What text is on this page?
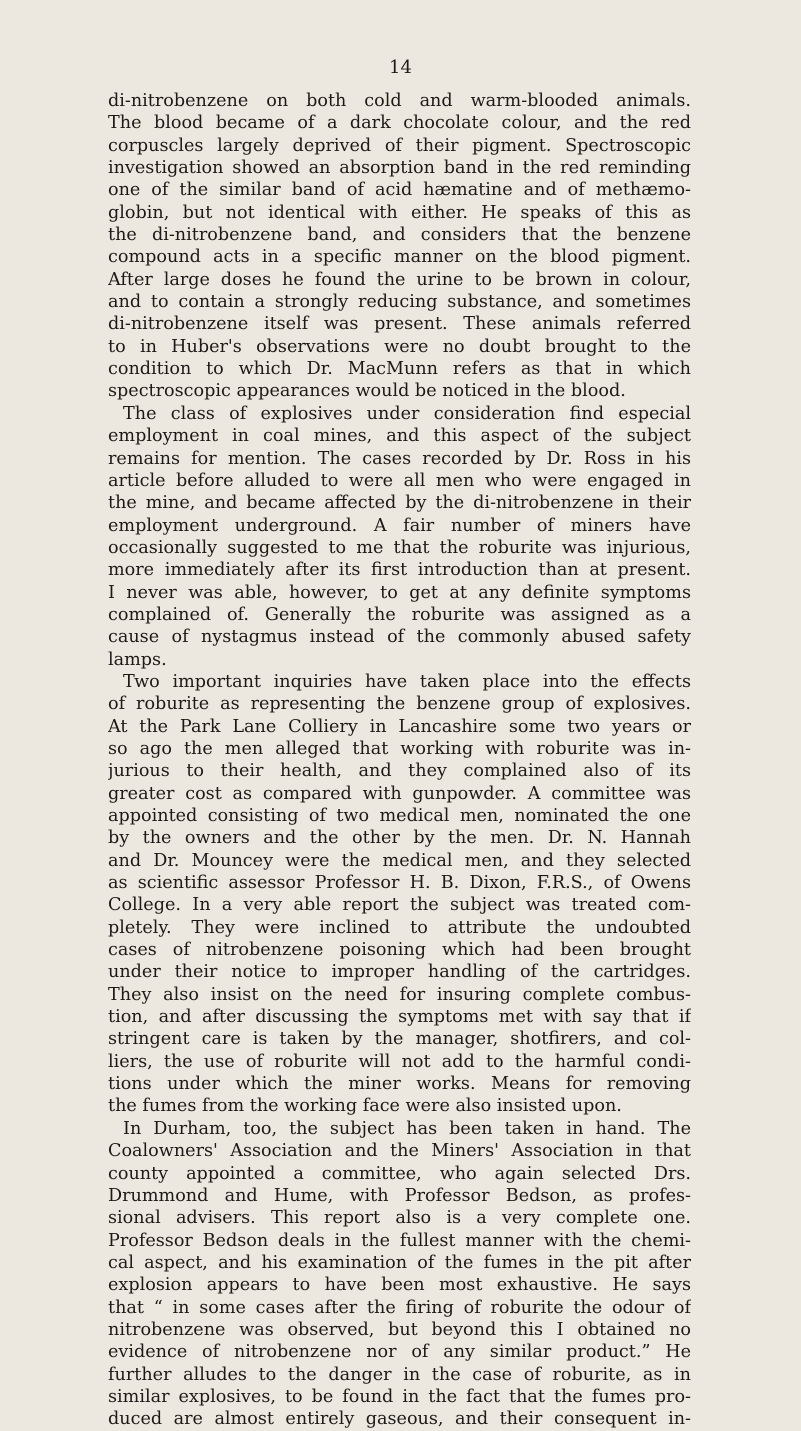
14
di-nitrobenzene on both cold and warm-blooded animals.
The blood became of a dark chocolate colour, and the red
corpuscles largely deprived of their pigment. Spectroscopic
investigation showed an absorption band in the red reminding
one of the similar band of acid hæmatine and of methæmo-
globin, but not identical with either. He speaks of this as
the di-nitrobenzene band, and considers that the benzene
compound acts in a specific manner on the blood pigment.
After large doses he found the urine to be brown in colour,
and to contain a strongly reducing substance, and sometimes
di-nitrobenzene itself was present. These animals referred
to in Huber's observations were no doubt brought to the
condition to which Dr. MacMunn refers as that in which
spectroscopic appearances would be noticed in the blood.
The class of explosives under consideration find especial
employment in coal mines, and this aspect of the subject
remains for mention. The cases recorded by Dr. Ross in his
article before alluded to were all men who were engaged in
the mine, and became affected by the di-nitrobenzene in their
employment underground. A fair number of miners have
occasionally suggested to me that the roburite was injurious,
more immediately after its first introduction than at present.
I never was able, however, to get at any definite symptoms
complained of. Generally the roburite was assigned as a
cause of nystagmus instead of the commonly abused safety
lamps.
Two important inquiries have taken place into the effects
of roburite as representing the benzene group of explosives.
At the Park Lane Colliery in Lancashire some two years or
so ago the men alleged that working with roburite was in-
jurious to their health, and they complained also of its
greater cost as compared with gunpowder. A committee was
appointed consisting of two medical men, nominated the one
by the owners and the other by the men. Dr. N. Hannah
and Dr. Mouncey were the medical men, and they selected
as scientific assessor Professor H. B. Dixon, F.R.S., of Owens
College. In a very able report the subject was treated com-
pletely. They were inclined to attribute the undoubted
cases of nitrobenzene poisoning which had been brought
under their notice to improper handling of the cartridges.
They also insist on the need for insuring complete combus-
tion, and after discussing the symptoms met with say that if
stringent care is taken by the manager, shotfirers, and col-
liers, the use of roburite will not add to the harmful condi-
tions under which the miner works. Means for removing
the fumes from the working face were also insisted upon.
In Durham, too, the subject has been taken in hand. The
Coalowners' Association and the Miners' Association in that
county appointed a committee, who again selected Drs.
Drummond and Hume, with Professor Bedson, as profes-
sional advisers. This report also is a very complete one.
Professor Bedson deals in the fullest manner with the chemi-
cal aspect, and his examination of the fumes in the pit after
explosion appears to have been most exhaustive. He says
that “ in some cases after the firing of roburite the odour of
nitrobenzene was observed, but beyond this I obtained no
evidence of nitrobenzene nor of any similar product.” He
further alludes to the danger in the case of roburite, as in
similar explosives, to be found in the fact that the fumes pro-
duced are almost entirely gaseous, and their consequent in-
